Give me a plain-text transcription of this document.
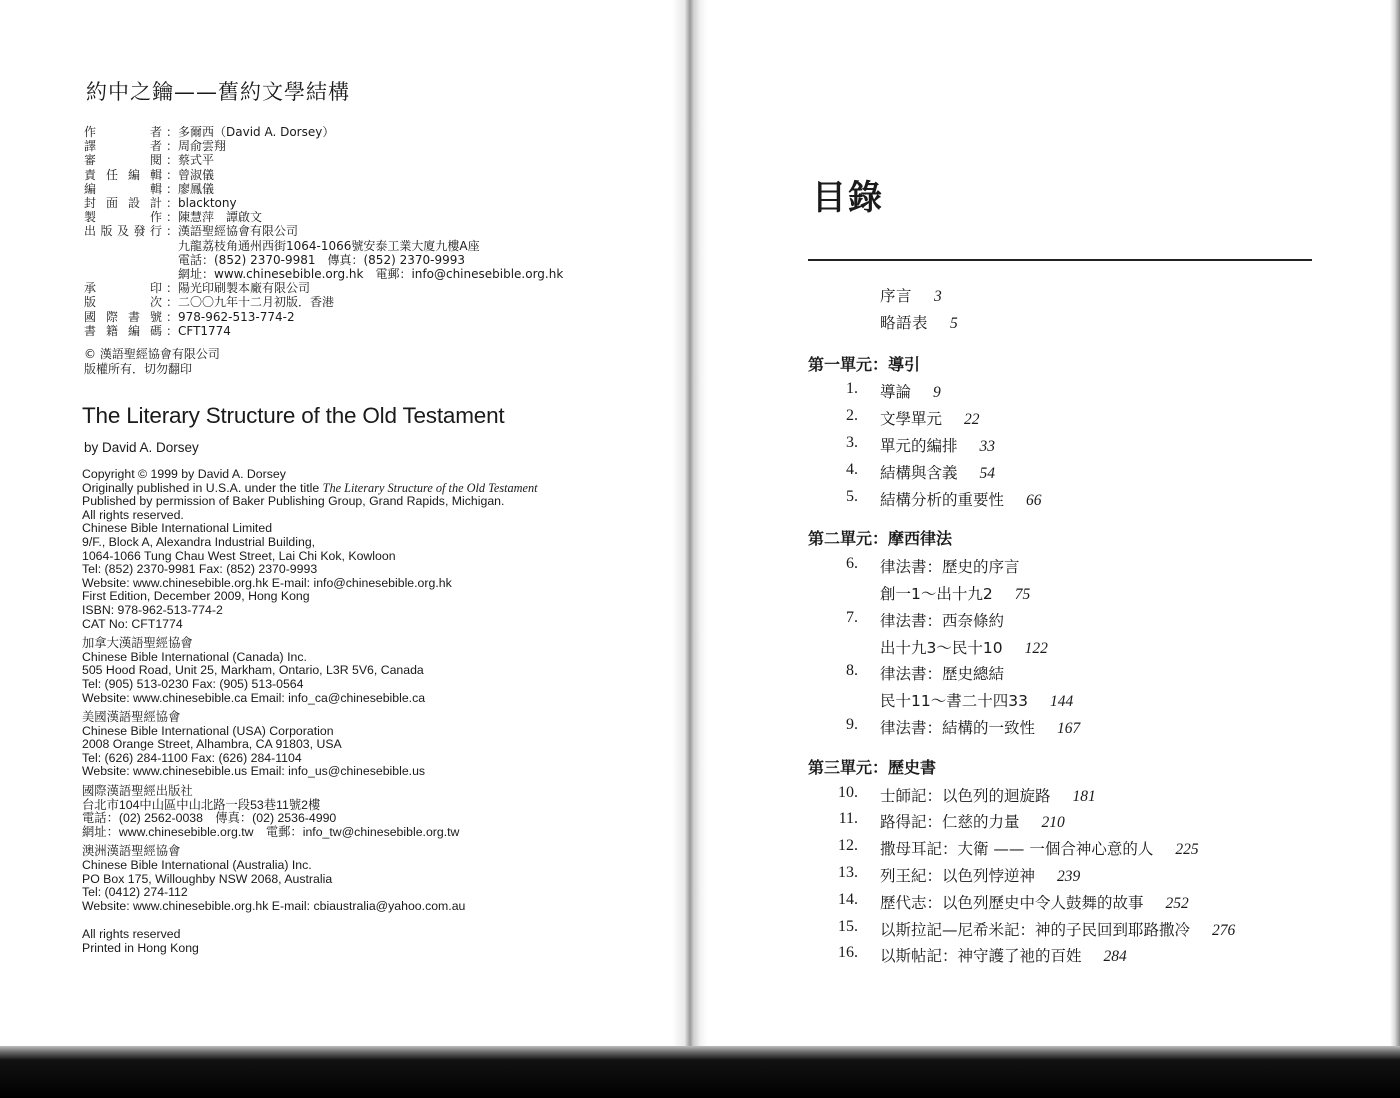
約中之鑰——舊約文學結構
作	者 ：多爾西（David A. Dorsey）
譯	者 ：周俞雲翔
審	閱 ：蔡式平
責 任 編 輯 ：曾淑儀
編	輯 ：廖鳳儀
封 面 設 計 ：blacktony
製	作 ：陳慧萍　譚啟文
出 版 及 發 行 ：漢語聖經協會有限公司
　九龍荔枝角通州西街1064-1066號安泰工業大廈九樓A座
　電話：(852) 2370-9981　傳真：(852) 2370-9993
　網址：www.chinesebible.org.hk　電郵：info@chinesebible.org.hk
承	印 ：陽光印刷製本廠有限公司
版	次 ：二〇〇九年十二月初版．香港
國 際 書 號 ：978-962-513-774-2
書 籍 編 碼 ：CFT1774
© 漢語聖經協會有限公司
版權所有．切勿翻印
The Literary Structure of the Old Testament
by David A. Dorsey
Copyright © 1999 by David A. Dorsey
Originally published in U.S.A. under the title The Literary Structure of the Old Testament
Published by permission of Baker Publishing Group, Grand Rapids, Michigan.
All rights reserved.
Chinese Bible International Limited
9/F., Block A, Alexandra Industrial Building,
1064-1066 Tung Chau West Street, Lai Chi Kok, Kowloon
Tel: (852) 2370-9981 Fax: (852) 2370-9993
Website: www.chinesebible.org.hk E-mail: info@chinesebible.org.hk
First Edition, December 2009, Hong Kong
ISBN: 978-962-513-774-2
CAT No: CFT1774
加拿大漢語聖經協會
Chinese Bible International (Canada) Inc.
505 Hood Road, Unit 25, Markham, Ontario, L3R 5V6, Canada
Tel: (905) 513-0230 Fax: (905) 513-0564
Website: www.chinesebible.ca Email: info_ca@chinesebible.ca
美國漢語聖經協會
Chinese Bible International (USA) Corporation
2008 Orange Street, Alhambra, CA 91803, USA
Tel: (626) 284-1100 Fax: (626) 284-1104
Website: www.chinesebible.us Email: info_us@chinesebible.us
國際漢語聖經出版社
台北市104中山區中山北路一段53巷11號2樓
電話：(02) 2562-0038　傳真：(02) 2536-4990
網址：www.chinesebible.org.tw　電郵：info_tw@chinesebible.org.tw
澳洲漢語聖經協會
Chinese Bible International (Australia) Inc.
PO Box 175, Willoughby NSW 2068, Australia
Tel: (0412) 274-112
Website: www.chinesebible.org.hk E-mail: cbiaustralia@yahoo.com.au
All rights reserved
Printed in Hong Kong
目錄
序言 3
略語表 5
第一單元：導引
1. 導論 9
2. 文學單元 22
3. 單元的編排 33
4. 結構與含義 54
5. 結構分析的重要性 66
第二單元：摩西律法
6. 律法書：歷史的序言
創一1～出十九2 75
7. 律法書：西奈條約
出十九3～民十10 122
8. 律法書：歷史總結
民十11～書二十四33 144
9. 律法書：結構的一致性 167
第三單元：歷史書
10. 士師記：以色列的迴旋路 181
11. 路得記：仁慈的力量 210
12. 撒母耳記：大衛 —— 一個合神心意的人 225
13. 列王紀：以色列悖逆神 239
14. 歷代志：以色列歷史中令人鼓舞的故事 252
15. 以斯拉記—尼希米記：神的子民回到耶路撒冷 276
16. 以斯帖記：神守護了祂的百姓 284
